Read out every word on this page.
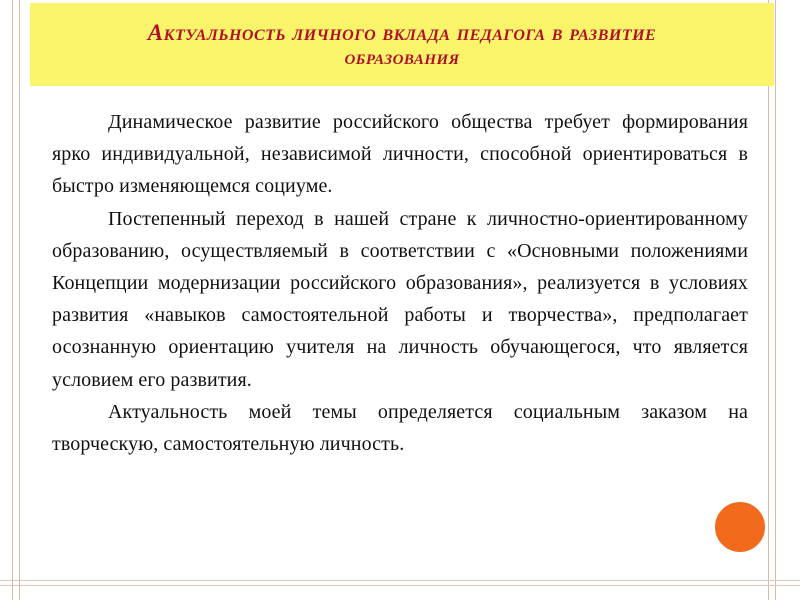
Актуальность личного вклада педагога в развитие
образования

Динамическое развитие российского общества требует формирования ярко индивидуальной, независимой личности, способной ориентироваться в быстро изменяющемся социуме.

Постепенный переход в нашей стране к личностно-ориентированному образованию, осуществляемый в соответствии с «Основными положениями Концепции модернизации российского образования», реализуется в условиях развития «навыков самостоятельной работы и творчества», предполагает осознанную ориентацию учителя на личность обучающегося, что является условием его развития.

Актуальность моей темы определяется социальным заказом на творческую, самостоятельную личность.
